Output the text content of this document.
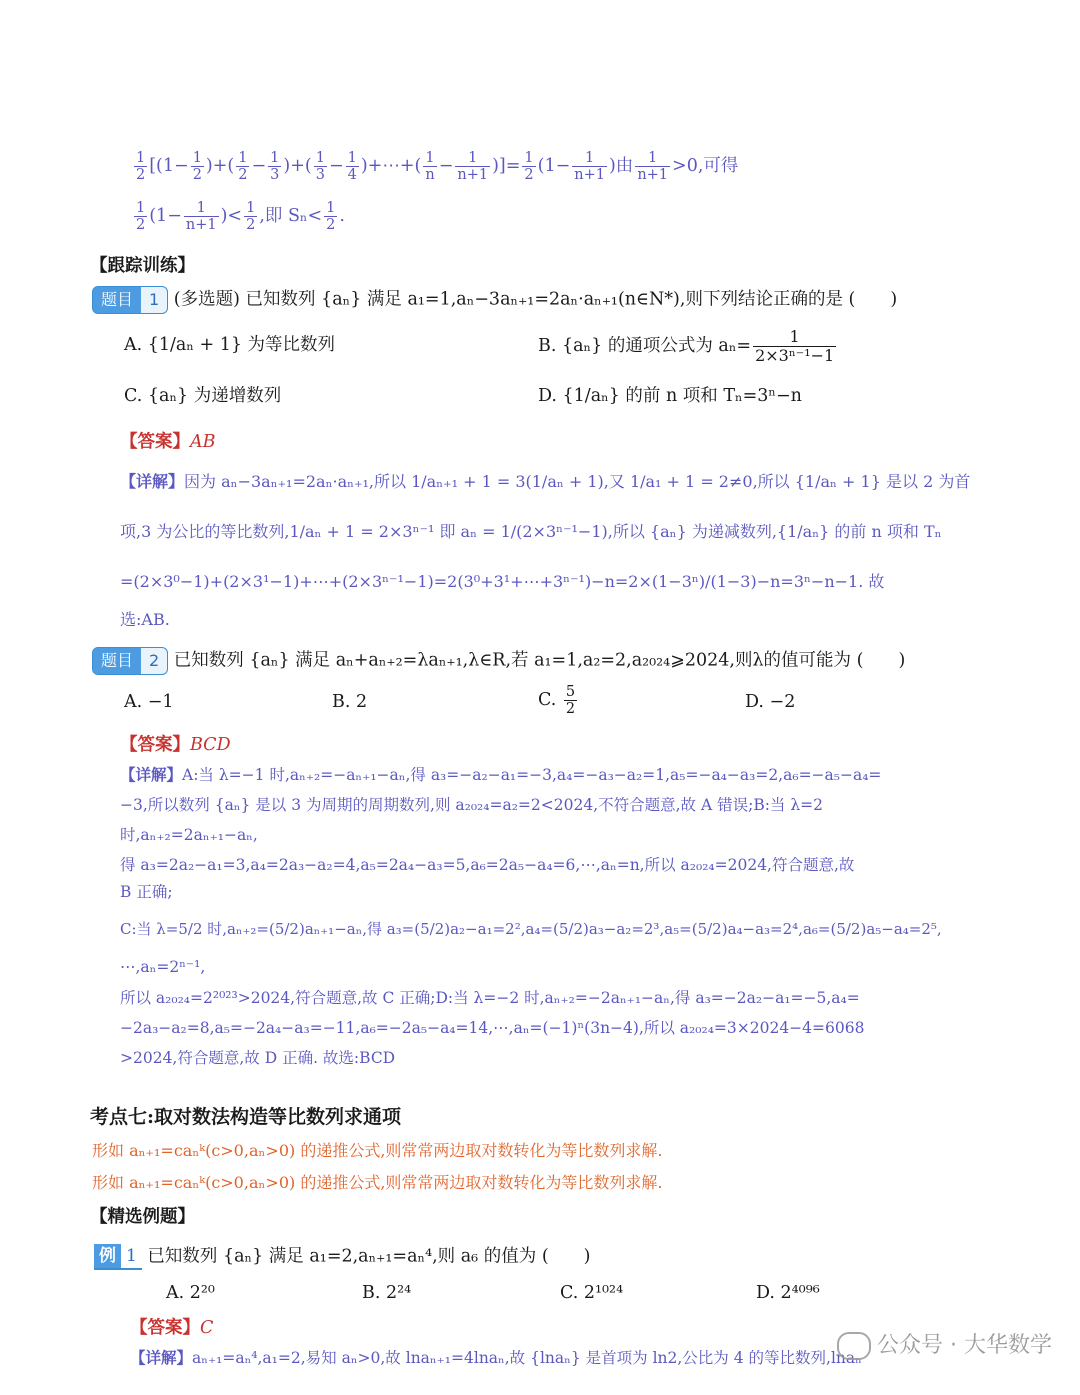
$\frac{1}{2} [(1- \frac{1}{2}$ )+( $\frac{1}{2} - \frac{1}{3}$ )+( $\frac{1}{3} - \frac{1}{4}$ )+⋯+( $\frac{1}{n} - \frac{1}{n+1}$ )]= $\frac{1}{2} (1- \frac{1}{n+1}$ )由 $\frac{1}{n+1} >0$,可得
$\frac{1}{2} (1- \frac{1}{n+1}$ )< $\frac{1}{2}$ ,即 $S_n< \frac{1}{2}$ .
【跟踪训练】
题目 1 (多选题) 已知数列 {aₙ} 满足 a₁=1,aₙ−3aₙ₊₁=2aₙ·aₙ₊₁(n∈N*),则下列结论正确的是 (　　)
A. {1/aₙ + 1} 为等比数列	B. {aₙ} 的通项公式为 $a_n= \frac{1}{\text{2×3ⁿ⁻¹−1}}$
C. {aₙ} 为递增数列	D. {1/aₙ} 的前 n 项和 Tₙ=3ⁿ−n
【答案】AB
【详解】因为 aₙ−3aₙ₊₁=2aₙ·aₙ₊₁,所以 1/aₙ₊₁ + 1 = 3(1/aₙ + 1),又 1/a₁ + 1 = 2≠0,所以 {1/aₙ + 1} 是以 2 为首
项,3 为公比的等比数列,1/aₙ + 1 = 2×3ⁿ⁻¹ 即 aₙ = 1/(2×3ⁿ⁻¹−1),所以 {aₙ} 为递减数列,{1/aₙ} 的前 n 项和 Tₙ
=(2×3⁰−1)+(2×3¹−1)+⋯+(2×3ⁿ⁻¹−1)=2(3⁰+3¹+⋯+3ⁿ⁻¹)−n=2×(1−3ⁿ)/(1−3)−n=3ⁿ−n−1. 故
选:AB.
题目 2 已知数列 {aₙ} 满足 aₙ+aₙ₊₂=λaₙ₊₁,λ∈R,若 a₁=1,a₂=2,a₂₀₂₄⩾2024,则λ的值可能为 (　　)
A. −1	B. 2	C. $\frac{5}{2}$	D. −2
【答案】BCD
【详解】A:当 λ=−1 时,aₙ₊₂=−aₙ₊₁−aₙ,得 a₃=−a₂−a₁=−3,a₄=−a₃−a₂=1,a₅=−a₄−a₃=2,a₆=−a₅−a₄=
−3,所以数列 {aₙ} 是以 3 为周期的周期数列,则 a₂₀₂₄=a₂=2<2024,不符合题意,故 A 错误;B:当 λ=2
时,aₙ₊₂=2aₙ₊₁−aₙ,
得 a₃=2a₂−a₁=3,a₄=2a₃−a₂=4,a₅=2a₄−a₃=5,a₆=2a₅−a₄=6,⋯,aₙ=n,所以 a₂₀₂₄=2024,符合题意,故
B 正确;
C:当 λ=5/2 时,aₙ₊₂=(5/2)aₙ₊₁−aₙ,得 a₃=(5/2)a₂−a₁=2²,a₄=(5/2)a₃−a₂=2³,a₅=(5/2)a₄−a₃=2⁴,a₆=(5/2)a₅−a₄=2⁵,
⋯,aₙ=2ⁿ⁻¹,
所以 a₂₀₂₄=2²⁰²³>2024,符合题意,故 C 正确;D:当 λ=−2 时,aₙ₊₂=−2aₙ₊₁−aₙ,得 a₃=−2a₂−a₁=−5,a₄=
−2a₃−a₂=8,a₅=−2a₄−a₃=−11,a₆=−2a₅−a₄=14,⋯,aₙ=(−1)ⁿ(3n−4),所以 a₂₀₂₄=3×2024−4=6068
>2024,符合题意,故 D 正确. 故选:BCD
考点七:取对数法构造等比数列求通项
形如 aₙ₊₁=caₙᵏ(c>0,aₙ>0) 的递推公式,则常常两边取对数转化为等比数列求解.
形如 aₙ₊₁=caₙᵏ(c>0,aₙ>0) 的递推公式,则常常两边取对数转化为等比数列求解.
【精选例题】
例 1 已知数列 {aₙ} 满足 a₁=2,aₙ₊₁=aₙ⁴,则 a₆ 的值为 (　　)
A. 2²⁰	B. 2²⁴	C. 2¹⁰²⁴	D. 2⁴⁰⁹⁶
【答案】C
【详解】aₙ₊₁=aₙ⁴,a₁=2,易知 aₙ>0,故 lnaₙ₊₁=4lnaₙ,故 {lnaₙ} 是首项为 ln2,公比为 4 的等比数列,lnaₙ 公众号 · 大华数学
